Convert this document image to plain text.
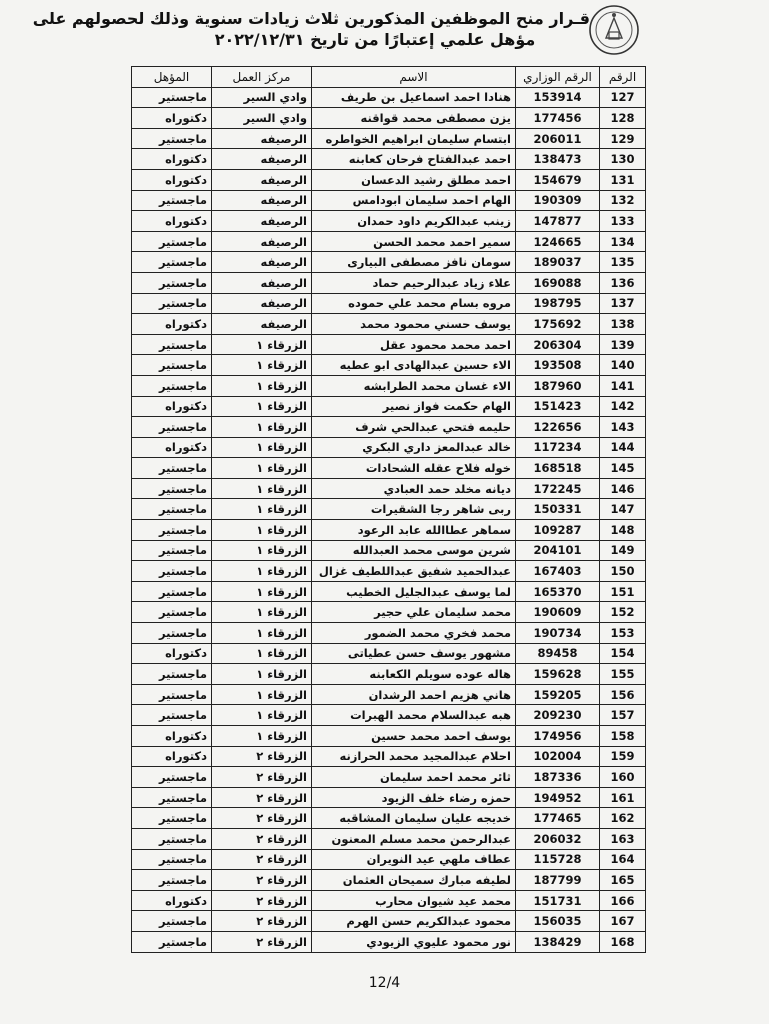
قـرار منح الموظفين المذكورين ثلاث زيادات سنوية وذلك لحصولهم على
مؤهل علمي إعتبارًا من تاريخ ٢٠٢٢/١٢/٣١
الرقم	الرقم الوزاري	الاسم	مركز العمل	المؤهل
127	153914	هنادا احمد اسماعيل بن طريف	وادي السير	ماجستير
128	177456	يزن مصطفى محمد قواقنه	وادي السير	دكتوراه
129	206011	ابتسام سليمان ابراهيم الخواطره	الرصيفه	ماجستير
130	138473	احمد عبدالفتاح فرحان كعابنه	الرصيفه	دكتوراه
131	154679	احمد مطلق رشيد الدعسان	الرصيفه	دكتوراه
132	190309	الهام احمد سليمان ابودامس	الرصيفه	ماجستير
133	147877	زينب عبدالكريم داود حمدان	الرصيفه	دكتوراه
134	124665	سمير احمد محمد الحسن	الرصيفه	ماجستير
135	189037	سومان نافز مصطفى البيارى	الرصيفه	ماجستير
136	169088	علاء زياد عبدالرحيم حماد	الرصيفه	ماجستير
137	198795	مروه بسام محمد علي حموده	الرصيفه	ماجستير
138	175692	يوسف حسني محمود محمد	الرصيفه	دكتوراه
139	206304	احمد محمد محمود عقل	الزرقاء ١	ماجستير
140	193508	الاء حسين عبدالهادى ابو عطيه	الزرقاء ١	ماجستير
141	187960	الاء غسان محمد الطرابشه	الزرقاء ١	ماجستير
142	151423	الهام حكمت فواز نصير	الزرقاء ١	دكتوراه
143	122656	حليمه فتحي عبدالحي شرف	الزرقاء ١	ماجستير
144	117234	خالد عبدالمعز داري البكري	الزرقاء ١	دكتوراه
145	168518	خوله فلاح عقله الشحادات	الزرقاء ١	ماجستير
146	172245	ديانه مخلد حمد العبادي	الزرقاء ١	ماجستير
147	150331	ربى شاهر رجا الشقيرات	الزرقاء ١	ماجستير
148	109287	سماهر عطاالله عابد الرعود	الزرقاء ١	ماجستير
149	204101	شرين موسى محمد العبدالله	الزرقاء ١	ماجستير
150	167403	عبدالحميد شفيق عبداللطيف غزال	الزرقاء ١	ماجستير
151	165370	لما يوسف عبدالجليل الخطيب	الزرقاء ١	ماجستير
152	190609	محمد سليمان علي حجير	الزرقاء ١	ماجستير
153	190734	محمد فخري محمد الضمور	الزرقاء ١	ماجستير
154	89458	مشهور يوسف حسن عطياتى	الزرقاء ١	دكتوراه
155	159628	هاله عوده سويلم الكعابنه	الزرقاء ١	ماجستير
156	159205	هاني هزيم احمد الرشدان	الزرقاء ١	ماجستير
157	209230	هبه عبدالسلام محمد الهبرات	الزرقاء ١	ماجستير
158	174956	يوسف احمد محمد حسين	الزرقاء ١	دكتوراه
159	102004	احلام عبدالمجيد محمد الحرازنه	الزرقاء ٢	دكتوراه
160	187336	ثائر محمد احمد سليمان	الزرقاء ٢	ماجستير
161	194952	حمزه رضاء خلف الزيود	الزرقاء ٢	ماجستير
162	177465	خديجه عليان سليمان المشاقبه	الزرقاء ٢	ماجستير
163	206032	عبدالرحمن محمد مسلم المعنون	الزرقاء ٢	ماجستير
164	115728	عطاف ملهي عيد النويران	الزرقاء ٢	ماجستير
165	187799	لطيفه مبارك سميحان العثمان	الزرقاء ٢	ماجستير
166	151731	محمد عيد شيوان محارب	الزرقاء ٢	دكتوراه
167	156035	محمود عبدالكريم حسن الهرم	الزرقاء ٢	ماجستير
168	138429	نور محمود عليوي الزيودي	الزرقاء ٢	ماجستير
12/4
